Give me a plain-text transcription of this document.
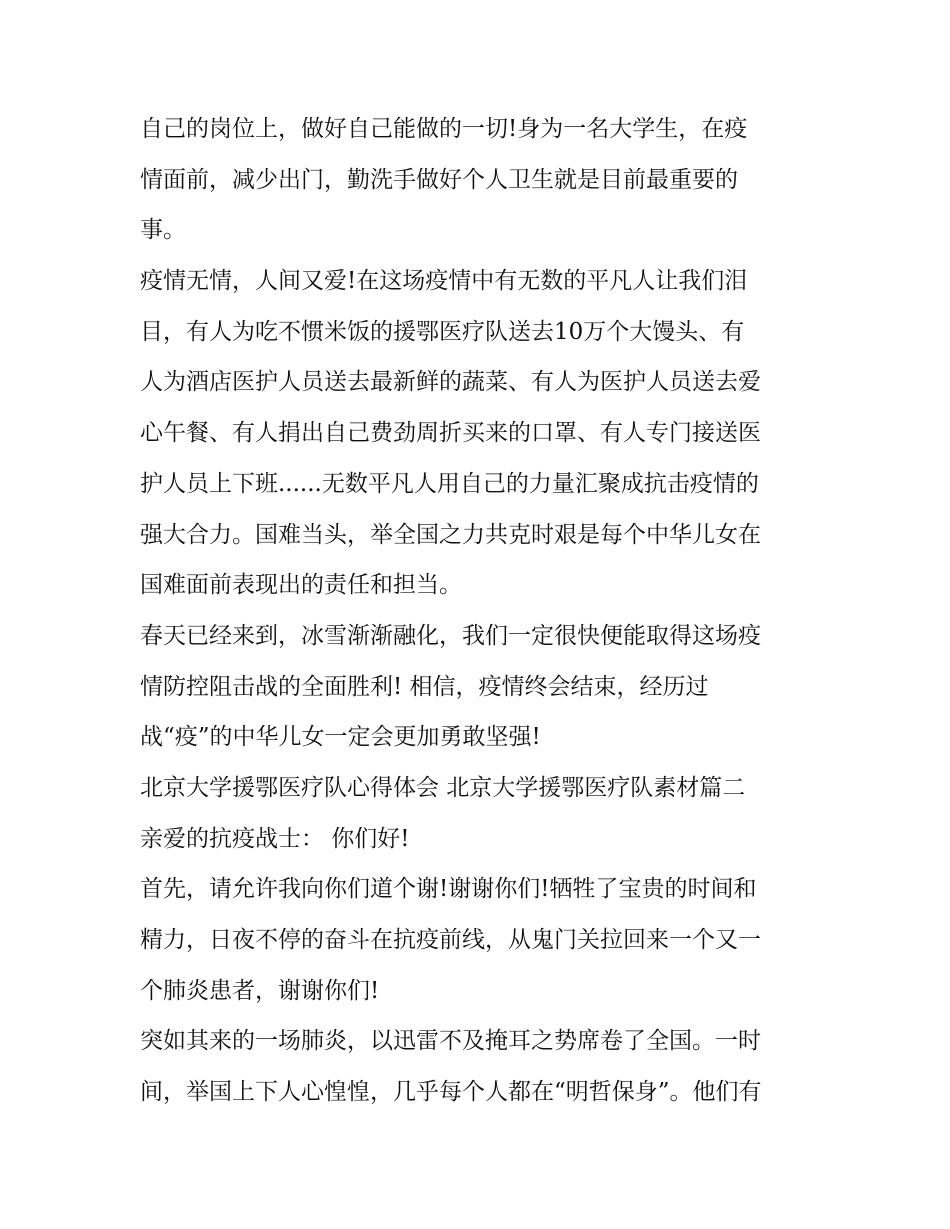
自己的岗位上，做好自己能做的一切!身为一名大学生，在疫
情面前，减少出门，勤洗手做好个人卫生就是目前最重要的
事。
疫情无情，人间又爱!在这场疫情中有无数的平凡人让我们泪
目，有人为吃不惯米饭的援鄂医疗队送去10万个大馒头、有
人为酒店医护人员送去最新鲜的蔬菜、有人为医护人员送去爱
心午餐、有人捐出自己费劲周折买来的口罩、有人专门接送医
护人员上下班......无数平凡人用自己的力量汇聚成抗击疫情的
强大合力。国难当头，举全国之力共克时艰是每个中华儿女在
国难面前表现出的责任和担当。
春天已经来到，冰雪渐渐融化，我们一定很快便能取得这场疫
情防控阻击战的全面胜利! 相信，疫情终会结束，经历过
战“疫”的中华儿女一定会更加勇敢坚强!
北京大学援鄂医疗队心得体会 北京大学援鄂医疗队素材篇二
亲爱的抗疫战士： 你们好!
首先，请允许我向你们道个谢!谢谢你们!牺牲了宝贵的时间和
精力，日夜不停的奋斗在抗疫前线，从鬼门关拉回来一个又一
个肺炎患者，谢谢你们!
突如其来的一场肺炎，以迅雷不及掩耳之势席卷了全国。一时
间，举国上下人心惶惶，几乎每个人都在“明哲保身”。他们有
